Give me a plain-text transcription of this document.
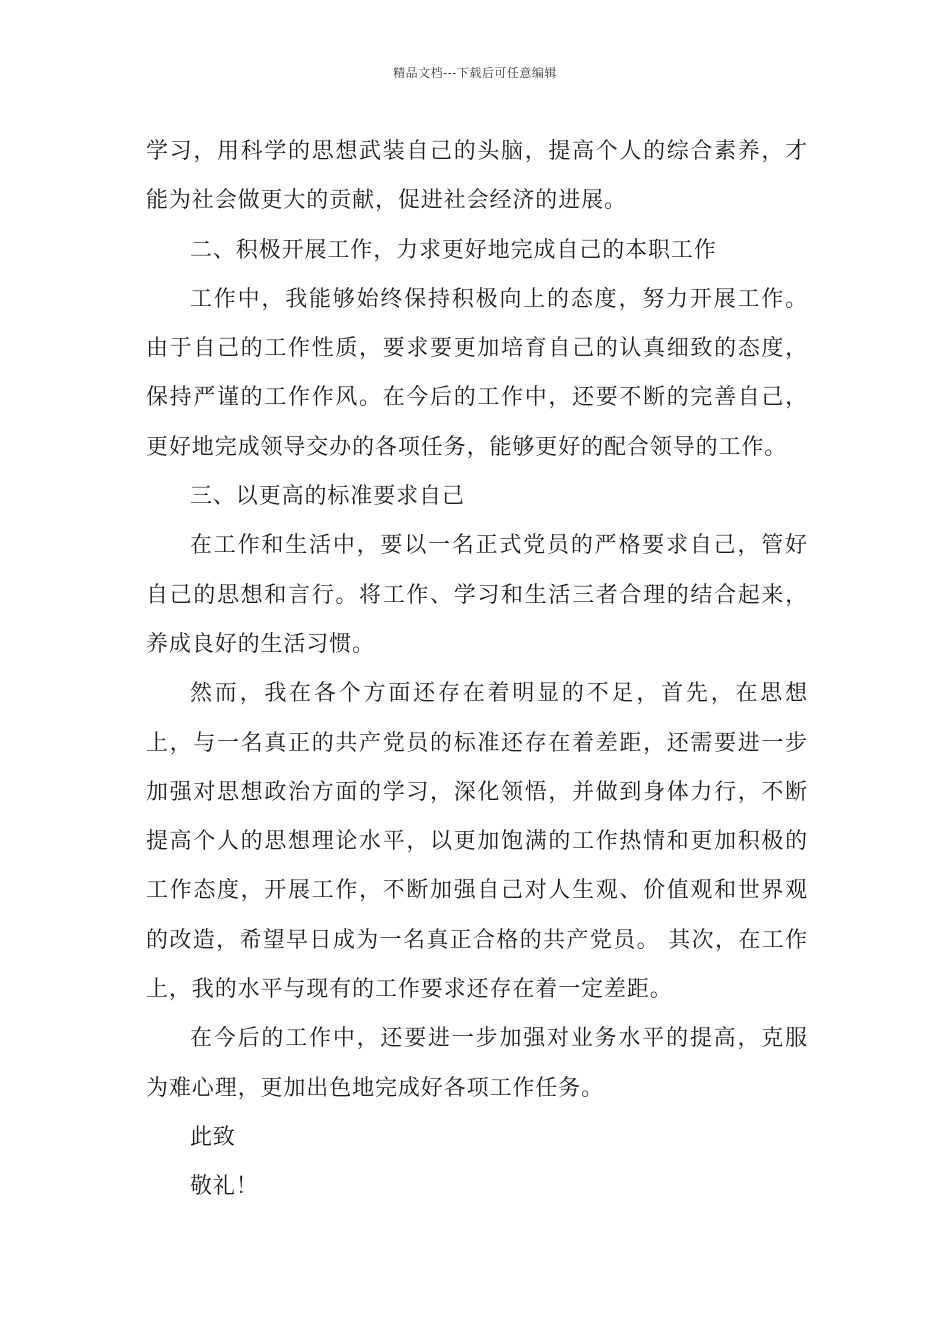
精品文档---下载后可任意编辑

学习，用科学的思想武装自己的头脑，提高个人的综合素养，才能为社会做更大的贡献，促进社会经济的进展。

二、积极开展工作，力求更好地完成自己的本职工作

工作中，我能够始终保持积极向上的态度，努力开展工作。由于自己的工作性质，要求要更加培育自己的认真细致的态度，保持严谨的工作作风。在今后的工作中，还要不断的完善自己，更好地完成领导交办的各项任务，能够更好的配合领导的工作。

三、以更高的标准要求自己

在工作和生活中，要以一名正式党员的严格要求自己，管好自己的思想和言行。将工作、学习和生活三者合理的结合起来，养成良好的生活习惯。

然而，我在各个方面还存在着明显的不足，首先，在思想上，与一名真正的共产党员的标准还存在着差距，还需要进一步加强对思想政治方面的学习，深化领悟，并做到身体力行，不断提高个人的思想理论水平，以更加饱满的工作热情和更加积极的工作态度，开展工作，不断加强自己对人生观、价值观和世界观的改造，希望早日成为一名真正合格的共产党员。 其次，在工作上，我的水平与现有的工作要求还存在着一定差距。

在今后的工作中，还要进一步加强对业务水平的提高，克服为难心理，更加出色地完成好各项工作任务。

此致

敬礼！
